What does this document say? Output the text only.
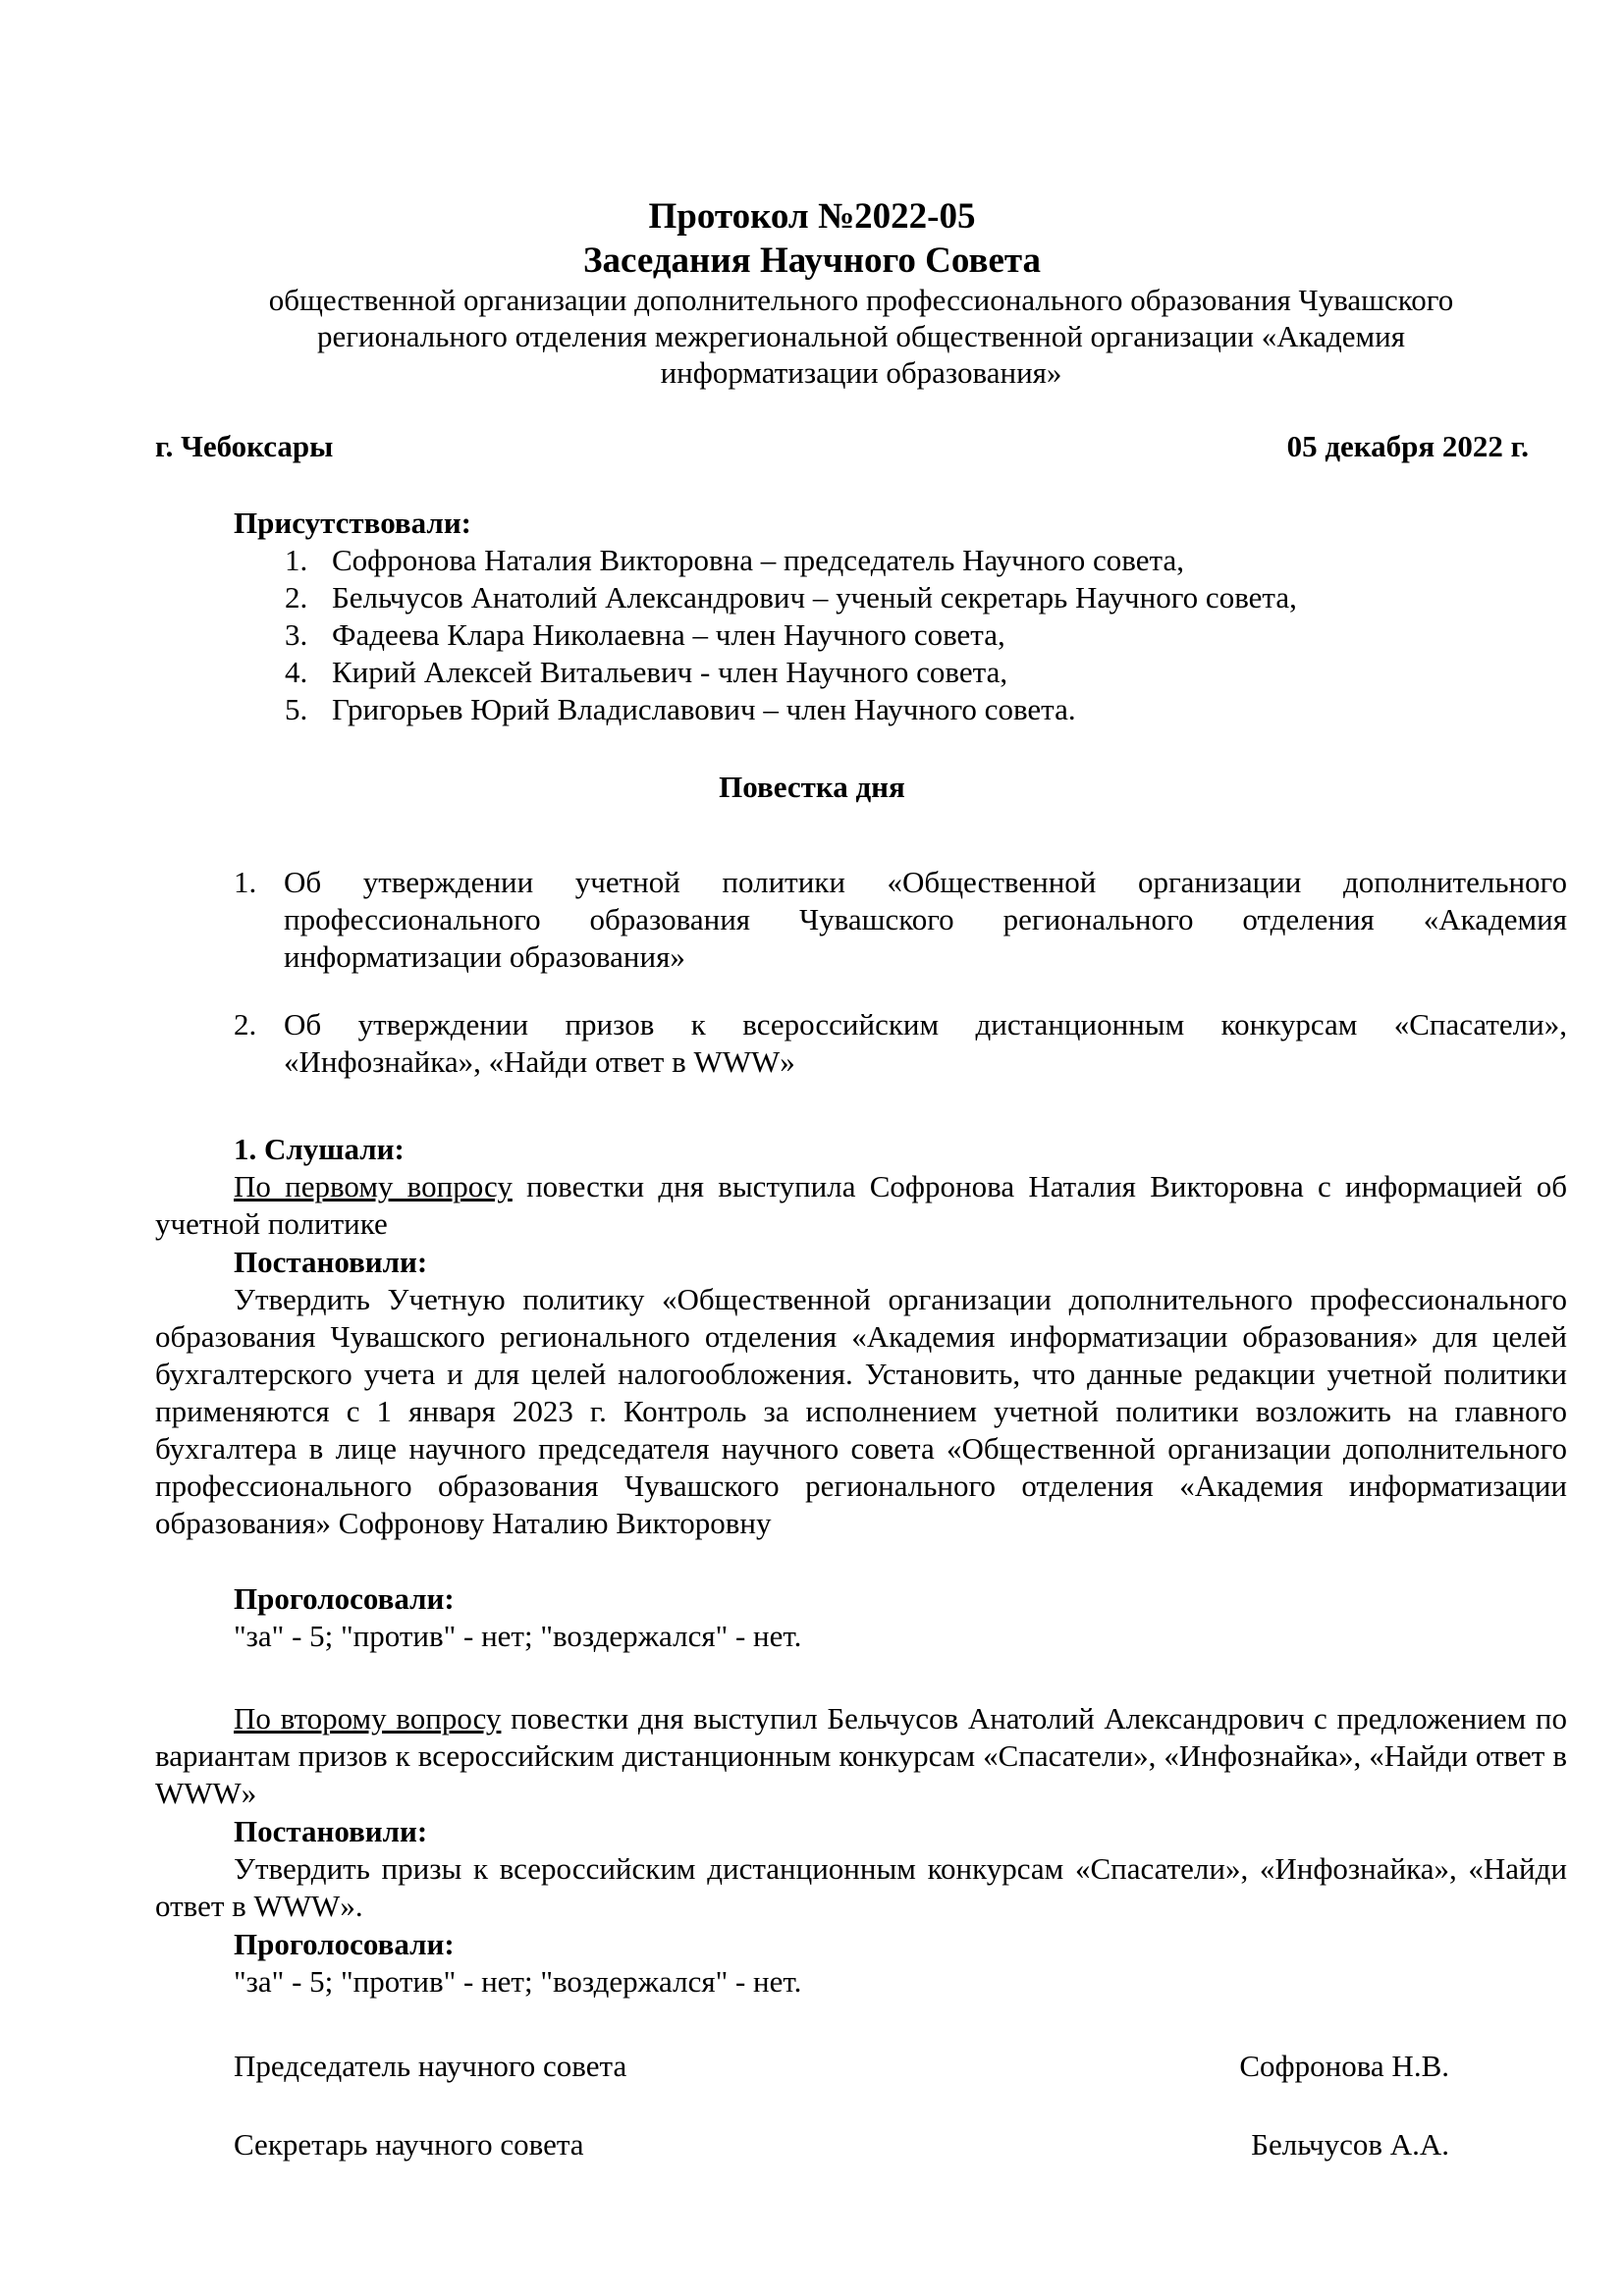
Протокол №2022-05
Заседания Научного Совета
общественной организации дополнительного профессионального образования Чувашского
регионального отделения межрегиональной общественной организации «Академия
информатизации образования»
г. Чебоксары	05 декабря 2022 г.
Присутствовали:
1. Софронова Наталия Викторовна – председатель Научного совета,
2. Бельчусов Анатолий Александрович – ученый секретарь Научного совета,
3. Фадеева Клара Николаевна – член Научного совета,
4. Кирий Алексей Витальевич - член Научного совета,
5. Григорьев Юрий Владиславович – член Научного совета.
Повестка дня
1. Об утверждении учетной политики «Общественной организации дополнительного профессионального образования Чувашского регионального отделения «Академия информатизации образования»
2. Об утверждении призов к всероссийским дистанционным конкурсам «Спасатели», «Инфознайка», «Найди ответ в WWW»
1. Слушали:
По первому вопросу повестки дня выступила Софронова Наталия Викторовна с информацией об учетной политике
Постановили:
Утвердить Учетную политику «Общественной организации дополнительного профессионального образования Чувашского регионального отделения «Академия информатизации образования» для целей бухгалтерского учета и для целей налогообложения. Установить, что данные редакции учетной политики применяются с 1 января 2023 г. Контроль за исполнением учетной политики возложить на главного бухгалтера в лице научного председателя научного совета «Общественной организации дополнительного профессионального образования Чувашского регионального отделения «Академия информатизации образования» Софронову Наталию Викторовну
Проголосовали:
"за" - 5; "против" - нет; "воздержался" - нет.
По второму вопросу повестки дня выступил Бельчусов Анатолий Александрович с предложением по вариантам призов к всероссийским дистанционным конкурсам «Спасатели», «Инфознайка», «Найди ответ в WWW»
Постановили:
Утвердить призы к всероссийским дистанционным конкурсам «Спасатели», «Инфознайка», «Найди ответ в WWW».
Проголосовали:
"за" - 5; "против" - нет; "воздержался" - нет.
Председатель научного совета	Софронова Н.В.
Секретарь научного совета	Бельчусов А.А.
